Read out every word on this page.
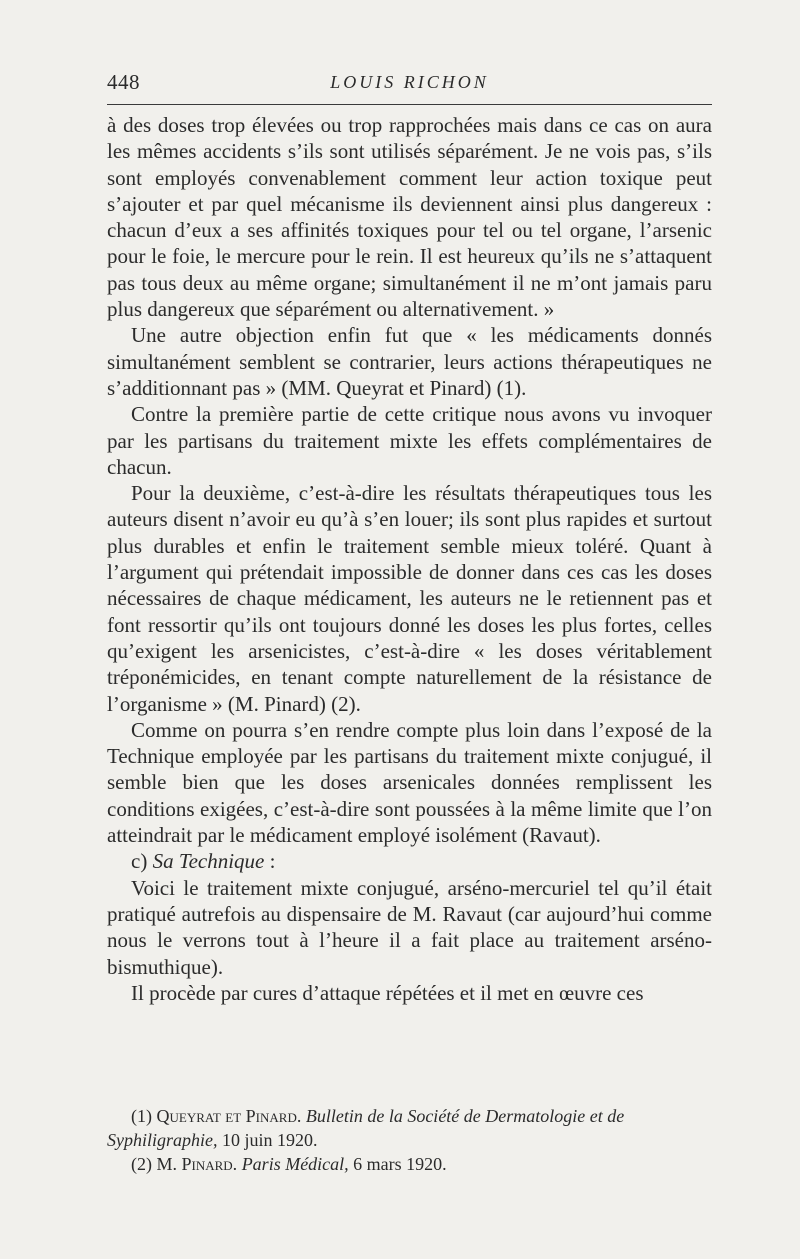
448	LOUIS RICHON

à des doses trop élevées ou trop rapprochées mais dans ce cas on aura les mêmes accidents s’ils sont utilisés séparément. Je ne vois pas, s’ils sont employés convenablement comment leur action toxique peut s’ajouter et par quel mécanisme ils deviennent ainsi plus dangereux : chacun d’eux a ses affinités toxiques pour tel ou tel organe, l’arsenic pour le foie, le mercure pour le rein. Il est heureux qu’ils ne s’attaquent pas tous deux au même organe; simultanément il ne m’ont jamais paru plus dangereux que séparément ou alternativement. »

Une autre objection enfin fut que « les médicaments donnés simultanément semblent se contrarier, leurs actions thérapeutiques ne s’additionnant pas » (MM. Queyrat et Pinard) (1).

Contre la première partie de cette critique nous avons vu invoquer par les partisans du traitement mixte les effets complémentaires de chacun.

Pour la deuxième, c’est-à-dire les résultats thérapeutiques tous les auteurs disent n’avoir eu qu’à s’en louer; ils sont plus rapides et surtout plus durables et enfin le traitement semble mieux toléré. Quant à l’argument qui prétendait impossible de donner dans ces cas les doses nécessaires de chaque médicament, les auteurs ne le retiennent pas et font ressortir qu’ils ont toujours donné les doses les plus fortes, celles qu’exigent les arsenicistes, c’est-à-dire « les doses véritablement tréponémicides, en tenant compte naturellement de la résistance de l’organisme » (M. Pinard) (2).

Comme on pourra s’en rendre compte plus loin dans l’exposé de la Technique employée par les partisans du traitement mixte conjugué, il semble bien que les doses arsenicales données remplissent les conditions exigées, c’est-à-dire sont poussées à la même limite que l’on atteindrait par le médicament employé isolément (Ravaut).

c) Sa Technique :

Voici le traitement mixte conjugué, arséno-mercuriel tel qu’il était pratiqué autrefois au dispensaire de M. Ravaut (car aujourd’hui comme nous le verrons tout à l’heure il a fait place au traitement arséno-bismuthique).

Il procède par cures d’attaque répétées et il met en œuvre ces

(1) Queyrat et Pinard. Bulletin de la Société de Dermatologie et de Syphiligraphie, 10 juin 1920.

(2) M. Pinard. Paris Médical, 6 mars 1920.
